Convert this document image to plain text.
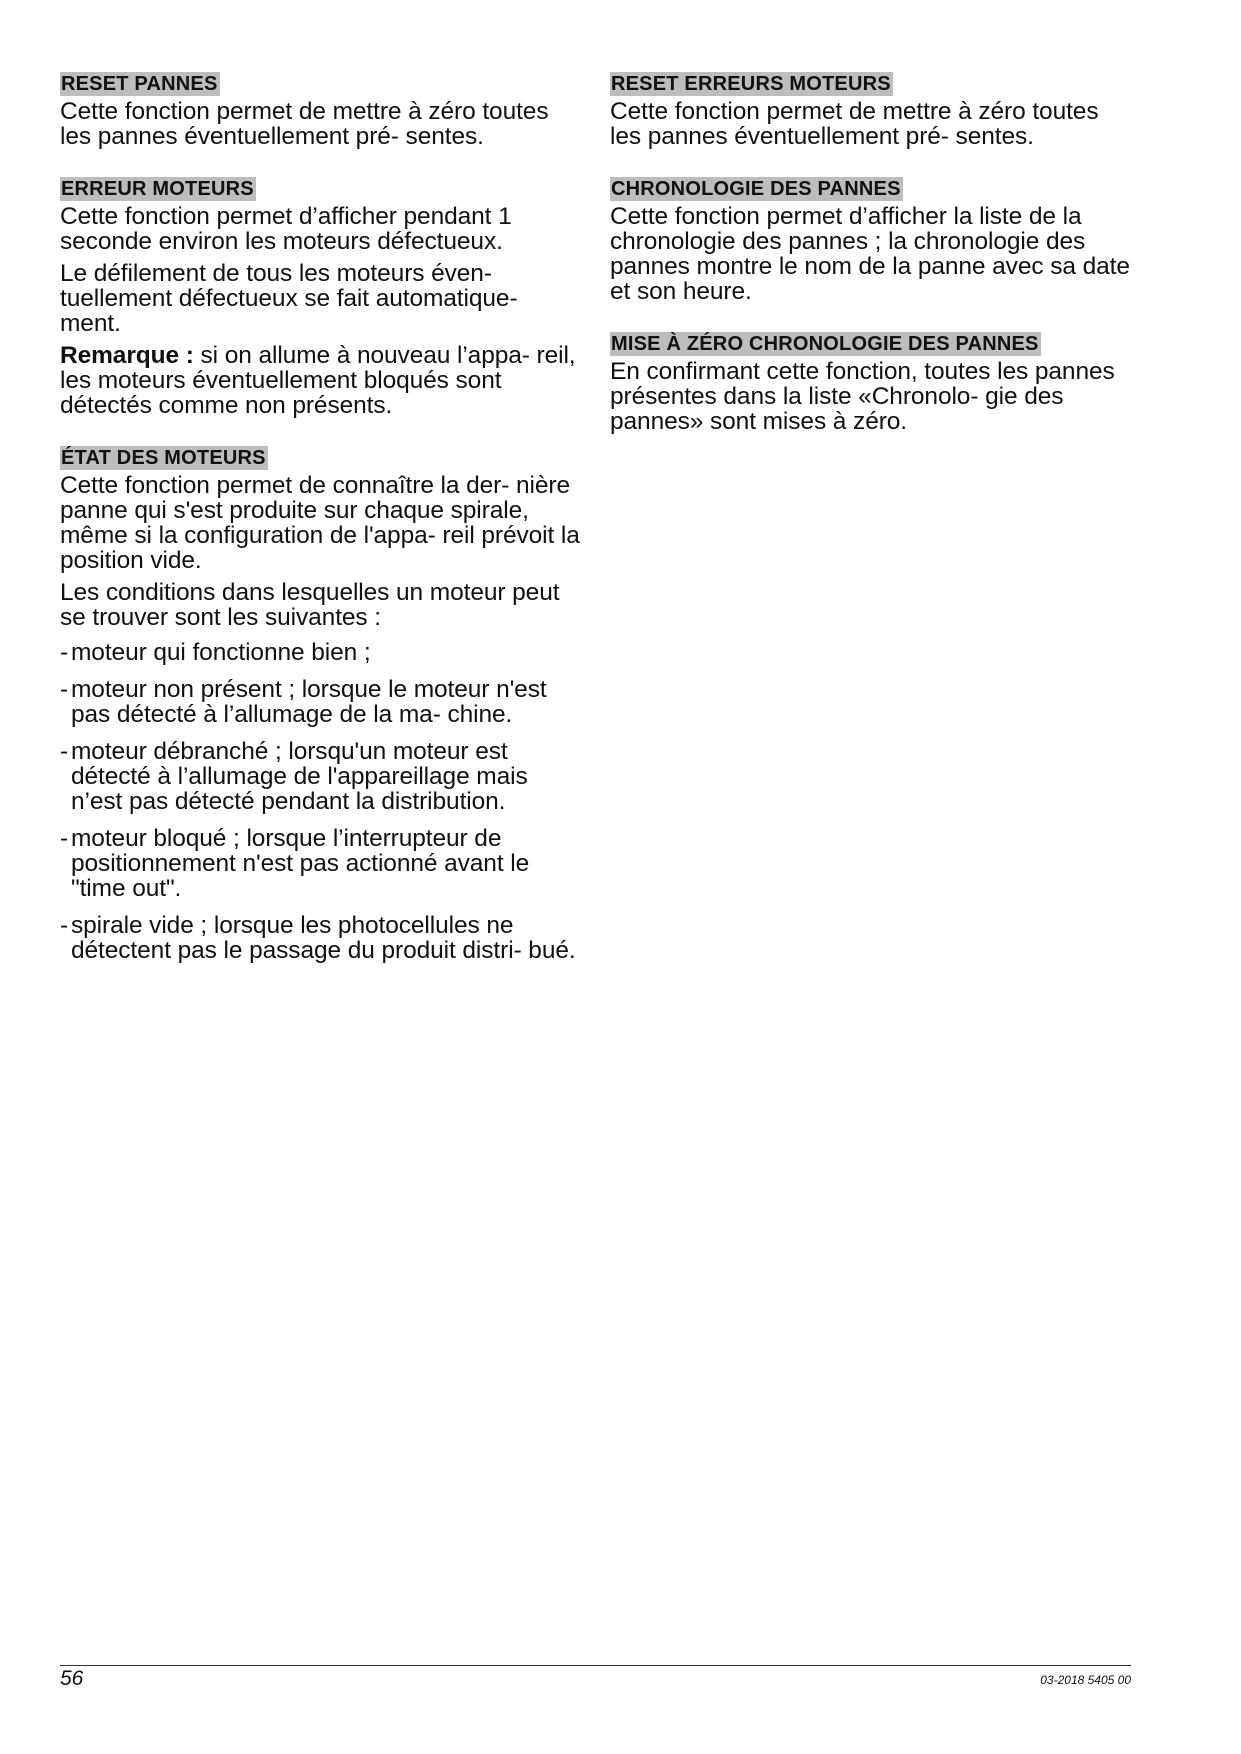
RESET PANNES

Cette fonction permet de mettre à zéro toutes les pannes éventuellement pré- sentes.

ERREUR MOTEURS

Cette fonction permet d’afficher pendant 1 seconde environ les moteurs défectueux.

Le défilement de tous les moteurs éven- tuellement défectueux se fait automatique- ment.

Remarque : si on allume à nouveau l’appa- reil, les moteurs éventuellement bloqués sont détectés comme non présents.

ÉTAT DES MOTEURS

Cette fonction permet de connaître la der- nière panne qui s'est produite sur chaque spirale, même si la configuration de l'appa- reil prévoit la position vide.

Les conditions dans lesquelles un moteur peut se trouver sont les suivantes :

- moteur qui fonctionne bien ;
- moteur non présent ; lorsque le moteur n'est pas détecté à l’allumage de la ma- chine.
- moteur débranché ; lorsqu'un moteur est détecté à l’allumage de l'appareillage mais n’est pas détecté pendant la distribution.
- moteur bloqué ; lorsque l’interrupteur de positionnement n'est pas actionné avant le "time out".
- spirale vide ; lorsque les photocellules ne détectent pas le passage du produit distri- bué.
RESET ERREURS MOTEURS

Cette fonction permet de mettre à zéro toutes les pannes éventuellement pré- sentes.

CHRONOLOGIE DES PANNES

Cette fonction permet d’afficher la liste de la chronologie des pannes ; la chronologie des pannes montre le nom de la panne avec sa date et son heure.

MISE À ZÉRO CHRONOLOGIE DES PANNES

En confirmant cette fonction, toutes les pannes présentes dans la liste «Chronolo- gie des pannes» sont mises à zéro.

56	03-2018 5405 00
